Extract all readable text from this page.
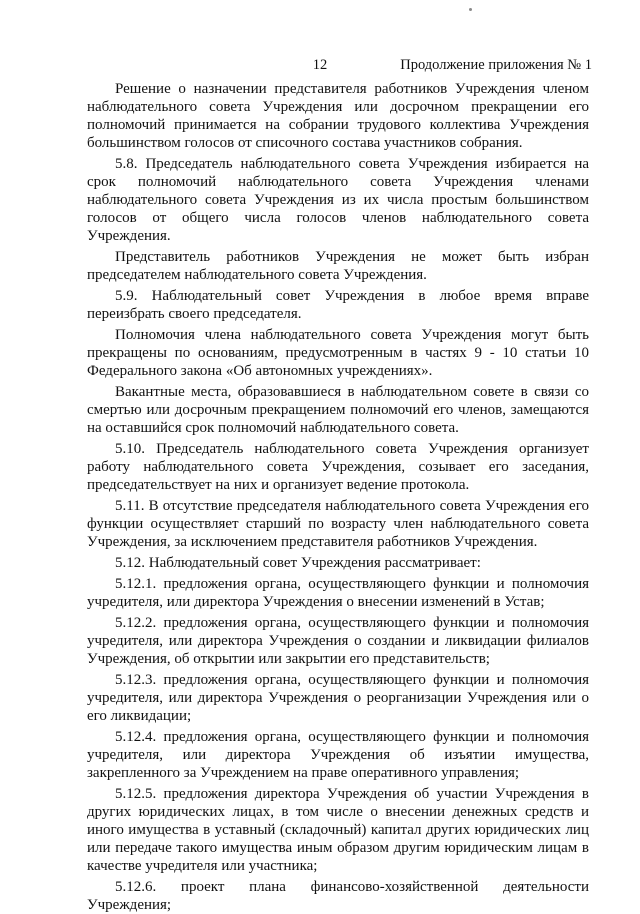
12	Продолжение приложения № 1

Решение о назначении представителя работников Учреждения членом наблюдательного совета Учреждения или досрочном прекращении его полномочий принимается на собрании трудового коллектива Учреждения большинством голосов от списочного состава участников собрания.

5.8. Председатель наблюдательного совета Учреждения избирается на срок полномочий наблюдательного совета Учреждения членами наблюдательного совета Учреждения из их числа простым большинством голосов от общего числа голосов членов наблюдательного совета Учреждения.

Представитель работников Учреждения не может быть избран председателем наблюдательного совета Учреждения.

5.9. Наблюдательный совет Учреждения в любое время вправе переизбрать своего председателя.

Полномочия члена наблюдательного совета Учреждения могут быть прекращены по основаниям, предусмотренным в частях 9 - 10 статьи 10 Федерального закона «Об автономных учреждениях».

Вакантные места, образовавшиеся в наблюдательном совете в связи со смертью или досрочным прекращением полномочий его членов, замещаются на оставшийся срок полномочий наблюдательного совета.

5.10. Председатель наблюдательного совета Учреждения организует работу наблюдательного совета Учреждения, созывает его заседания, председательствует на них и организует ведение протокола.

5.11. В отсутствие председателя наблюдательного совета Учреждения его функции осуществляет старший по возрасту член наблюдательного совета Учреждения, за исключением представителя работников Учреждения.

5.12. Наблюдательный совет Учреждения рассматривает:

5.12.1. предложения органа, осуществляющего функции и полномочия учредителя, или директора Учреждения о внесении изменений в Устав;

5.12.2. предложения органа, осуществляющего функции и полномочия учредителя, или директора Учреждения о создании и ликвидации филиалов Учреждения, об открытии или закрытии его представительств;

5.12.3. предложения органа, осуществляющего функции и полномочия учредителя, или директора Учреждения о реорганизации Учреждения или о его ликвидации;

5.12.4. предложения органа, осуществляющего функции и полномочия учредителя, или директора Учреждения об изъятии имущества, закрепленного за Учреждением на праве оперативного управления;

5.12.5. предложения директора Учреждения об участии Учреждения в других юридических лицах, в том числе о внесении денежных средств и иного имущества в уставный (складочный) капитал других юридических лиц или передаче такого имущества иным образом другим юридическим лицам в качестве учредителя или участника;

5.12.6. проект плана финансово-хозяйственной деятельности Учреждения;
